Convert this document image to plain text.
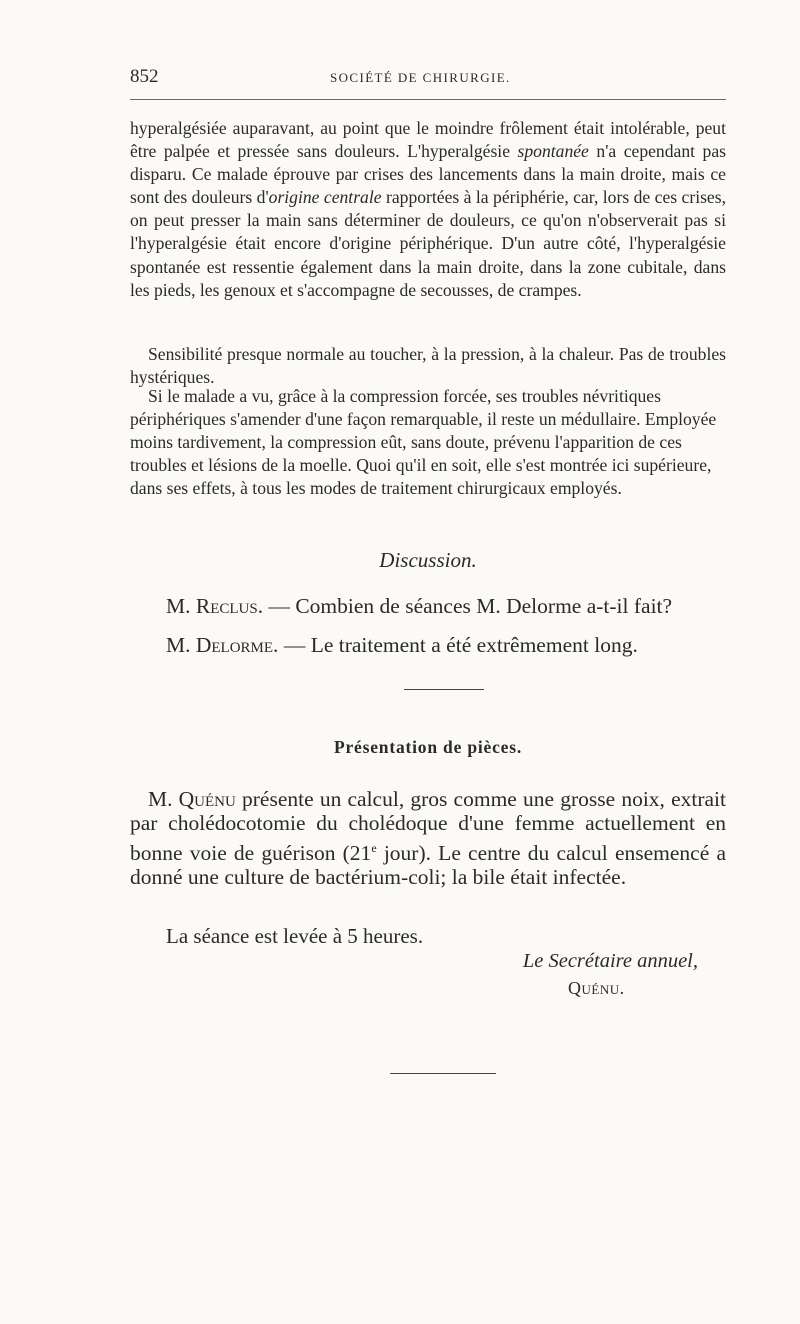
852	SOCIÉTÉ DE CHIRURGIE.

hyperalgésiée auparavant, au point que le moindre frôlement était intolérable, peut être palpée et pressée sans douleurs. L'hyperalgésie spontanée n'a cependant pas disparu. Ce malade éprouve par crises des lancements dans la main droite, mais ce sont des douleurs d'origine centrale rapportées à la périphérie, car, lors de ces crises, on peut presser la main sans déterminer de douleurs, ce qu'on n'observerait pas si l'hyperalgésie était encore d'origine périphérique. D'un autre côté, l'hyperalgésie spontanée est ressentie également dans la main droite, dans la zone cubitale, dans les pieds, les genoux et s'accompagne de secousses, de crampes.

Sensibilité presque normale au toucher, à la pression, à la chaleur. Pas de troubles hystériques.

Si le malade a vu, grâce à la compression forcée, ses troubles névritiques périphériques s'amender d'une façon remarquable, il reste un médullaire. Employée moins tardivement, la compression eût, sans doute, prévenu l'apparition de ces troubles et lésions de la moelle. Quoi qu'il en soit, elle s'est montrée ici supérieure, dans ses effets, à tous les modes de traitement chirurgicaux employés.

Discussion.

M. Reclus. — Combien de séances M. Delorme a-t-il fait?

M. Delorme. — Le traitement a été extrêmement long.

Présentation de pièces.

M. Quénu présente un calcul, gros comme une grosse noix, extrait par cholédocotomie du cholédoque d'une femme actuellement en bonne voie de guérison (21e jour). Le centre du calcul ensemencé a donné une culture de bactérium-coli; la bile était infectée.

La séance est levée à 5 heures.
Le Secrétaire annuel,
Quénu.
